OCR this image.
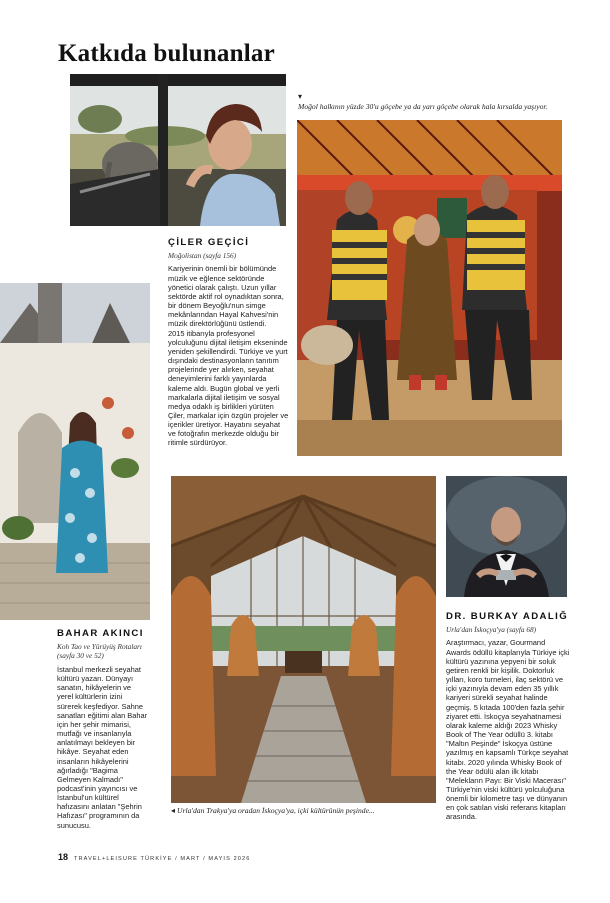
Katkıda bulunanlar
▾
Moğol halkının yüzde 30'u göçebe ya da yarı göçebe olarak hala kırsalda yaşıyor.
ÇİLER GEÇİCİ
Moğolistan (sayfa 156)

Kariyerinin önemli bir bölümünde müzik ve eğlence sektöründe yönetici olarak çalıştı. Uzun yıllar sektörde aktif rol oynadıktan sonra, bir dönem Beyoğlu'nun simge mekânlarından Hayal Kahvesi'nin müzik direktörlüğünü üstlendi.

2015 itibarıyla profesyonel yolculuğunu dijital iletişim ekseninde yeniden şekillendirdi. Türkiye ve yurt dışındaki destinasyonların tanıtım projelerinde yer alırken, seyahat deneyimlerini farklı yayınlarda kaleme aldı. Bugün global ve yerli markalarla dijital iletişim ve sosyal medya odaklı iş birlikleri yürüten Çiler, markalar için özgün projeler ve içerikler üretiyor. Hayatını seyahat ve fotoğrafın merkezde olduğu bir ritimle sürdürüyor.

BAHAR AKINCI
Koh Tao ve Yürüyüş Rotaları
(sayfa 30 ve 52)

İstanbul merkezli seyahat kültürü yazarı. Dünyayı sanatın, hikâyelerin ve yerel kültürlerin izini sürerek keşfediyor. Sahne sanatları eğitimi alan Bahar için her şehir mimarisi, mutfağı ve insanlarıyla anlatılmayı bekleyen bir hikâye. Seyahat eden insanların hikâyelerini ağırladığı "Bagima Gelmeyen Kalmadı" podcast'inin yayıncısı ve İstanbul'un kültürel hafızasını anlatan "Şehrin Hafızası" programının da sunucusu.

◂ Urla'dan Trakya'ya oradan İskoçya'ya, içki kültürünün peşinde...
DR. BURKAY ADALIĞ
Urla'dan İskoçya'ya (sayfa 68)

Araştırmacı, yazar, Gourmand Awards ödüllü kitaplarıyla Türkiye içki kültürü yazınına yepyeni bir soluk getiren renkli bir kişilik. Doktorluk yılları, koro turneleri, ilaç sektörü ve içki yazınıyla devam eden 35 yıllık kariyeri sürekli seyahat halinde geçmiş. 5 kıtada 100'den fazla şehir ziyaret etti. İskoçya seyahatnamesi olarak kaleme aldığı 2023 Whisky Book of The Year ödüllü 3. kitabı "Maltın Peşinde" İskoçya üstüne yazılmış en kapsamlı Türkçe seyahat kitabı. 2020 yılında Whisky Book of the Year ödülü alan ilk kitabı "Melekların Payı: Bir Viski Macerası" Türkiye'nin viski kültürü yolculuğuna önemli bir kilometre taşı ve dünyanın en çok satılan viski referans kitapları arasında.

18 TRAVEL+LEISURE TÜRKİYE / MART / MAYIS 2026
